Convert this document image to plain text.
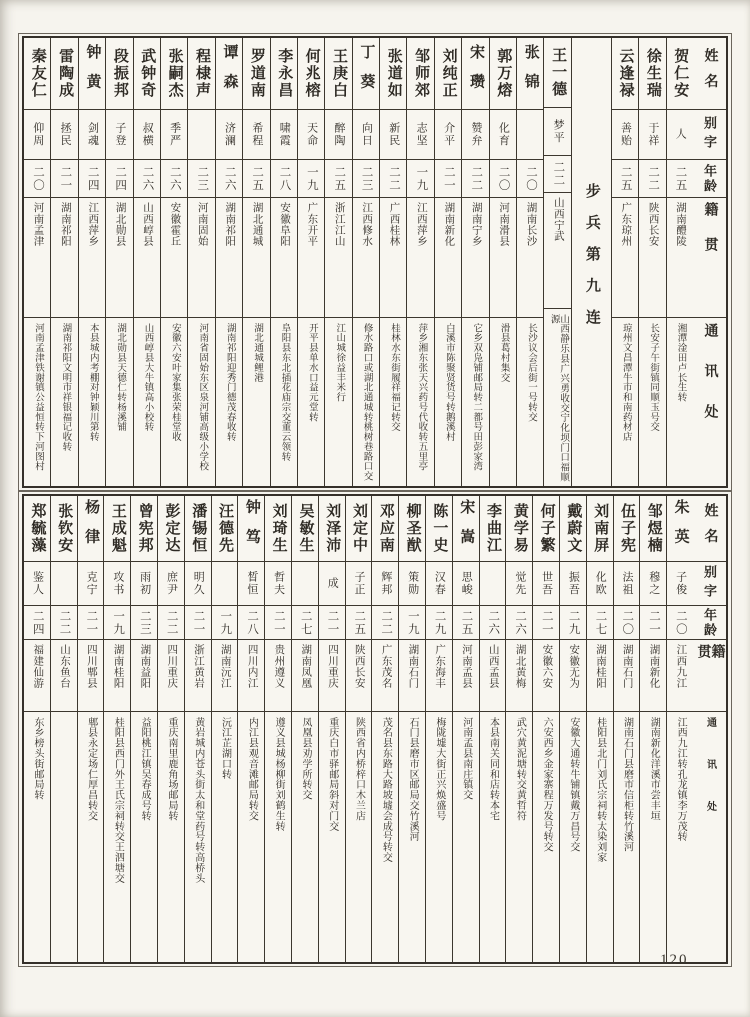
姓名
别字
年龄
籍贯
通讯处
贺仁安
人
二五
湖南醴陵
湘潭淦田卢长生转
徐生瑞
于祥
二二
陕西长安
长安子午街镇同顺玉号交
云逢禄
善贻
二五
广东琼州
琼州文昌潭牛市和南药材店
步兵第九连
王一德
梦平
二二
山西宁武
山西静乐县广兴勇收交宁化坝门口福顺源
张锦
二〇
湖南长沙
长沙议会后街一号转交
郭万熔
化育
二〇
河南滑县
滑县葛村集交
宋瓒
赞弁
二二
湖南宁乡
它乡双凫铺邮局转二都号田彭家湾
刘纯正
介平
二一
湖南新化
白溪市陈聚贤货号转鹅溪村
邹师郊
志坚
一九
江西萍乡
萍乡湘东张天兴药号代收转五里亭
张道如
新民
二二
广西桂林
桂林水东街履祥福记转交
丁葵
向日
二三
江西修水
修水路口或湖北通城转桃树巷路口交
王庚白
醉陶
二五
浙江江山
江山城徐益丰米行
何兆榕
天命
一九
广东开平
开平县单水口益元堂转
李永昌
啸霞
二八
安徽阜阳
阜阳县东北插花庙宗交董云领转
罗道南
希程
二五
湖北通城
湖北通城鲤港
谭森
济澜
二六
湖南祁阳
湖南祁阳迎秀门德茂春收转
程棣声
二三
河南固始
河南省固始东区泉河铺高级小学校
张嗣杰
季严
二六
安徽霍丘
安徽六安叶家集张荣桂堂收
武钟奇
叔横
二六
山西崞县
山西崞县大牛镇高小校转
段振邦
子登
二四
湖北勋县
湖北勋县天德仁转杨溪铺
钟黄
剑魂
二四
江西萍乡
本县城内考棚对钟颖川第转
雷陶成
拯民
二一
湖南祁阳
湖南祁阳文明市祥银福记收转
秦友仁
仰周
二〇
河南孟津
河南孟津铁谢镇公益恒转下河图村
姓名
别字
年龄
籍贯
通讯处
朱英
子俊
二〇
江西九江
江西九江转孔龙镇李万茂转
邹煜楠
穆之
二一
湖南新化
湖南新化洋溪市尝丰垣
伍子宪
法祖
二〇
湖南石门
湖南石门县磨市信柜转竹溪河
刘南屏
化欧
二七
湖南桂阳
桂阳县北门刘氏宗祠转太染刘家
戴蔚文
振吾
二九
安徽无为
安徽大通转牛铺镇戴万昌号交
何子繁
世吾
二一
安徽六安
六安西乡金家寨程万发号转交
黄学易
觉先
二六
湖北黄梅
武穴黄泥塘转交黄哲符
李曲江
二六
山西孟县
本县南关同和店转本宅
宋嵩
思峻
二五
河南孟县
河南孟县南庄镇交
陈一史
汉春
二九
广东海丰
梅陇墟大街正兴焕盛号
柳圣猷
策勋
一九
湖南石门
石门县磨市区邮局交竹溪河
邓应南
辉邦
二二
广东茂名
茂名县东路大路坡墟会成号转交
刘定中
子正
二五
陕西长安
陕西省内桥梓口木兰店
刘泽沛
成
二一
四川重庆
重庆白市驿邮局斜对门交
吴敏生
二七
湖南凤凰
凤凰县劝学所转交
刘琦生
哲夫
二一
贵州遵义
遵义县城杨柳街刘鹤生转
钟笃
晳恒
二八
四川内江
内江县观音滩邮局转交
汪德先
一九
湖南沅江
沅江芷湖口转
潘锡恒
明久
二一
浙江黄岩
黄岩城内苍头街太和堂药号转高桥头
彭定达
庶尹
二二
四川重庆
重庆南里鹿角场邮局转
曾宪邦
雨初
二三
湖南益阳
益阳桃江镇吴春成号转
王成魁
攻书
一九
湖南桂阳
桂阳县西门外王氏宗祠转交王泗塘交
杨律
克宁
二一
四川郫县
郫县永定场仁厚昌转交
张钦安
二二
山东鱼台
郑毓藻
鉴人
二四
福建仙游
东乡榜头街邮局转
120
